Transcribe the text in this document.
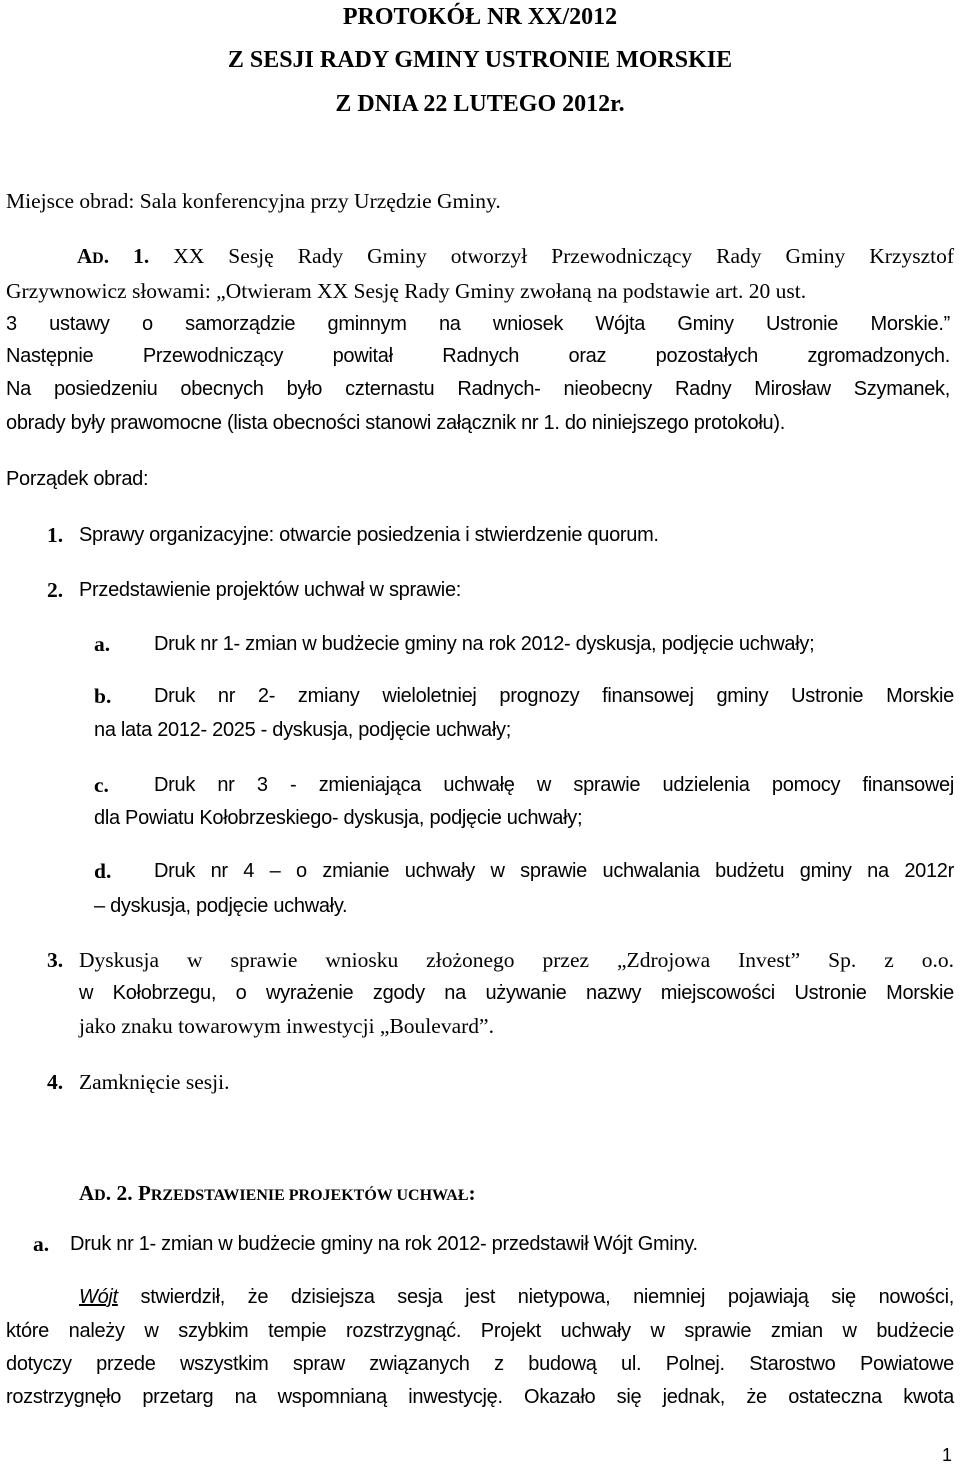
PROTOKÓŁ NR XX/2012
Z SESJI RADY GMINY USTRONIE MORSKIE
Z DNIA 22 LUTEGO 2012r.
Miejsce obrad: Sala konferencyjna przy Urzędzie Gminy.
AD. 1. XX Sesję Rady Gminy otworzył Przewodniczący Rady Gminy Krzysztof
Grzywnowicz słowami: „Otwieram XX Sesję Rady Gminy zwołaną na podstawie art. 20 ust.
3 ustawy o samorządzie gminnym na wniosek Wójta Gminy Ustronie Morskie.”
Następnie Przewodniczący powitał Radnych oraz pozostałych zgromadzonych.
Na posiedzeniu obecnych było czternastu Radnych- nieobecny Radny Mirosław Szymanek,
obrady były prawomocne (lista obecności stanowi załącznik nr 1. do niniejszego protokołu).
Porządek obrad:
1. Sprawy organizacyjne: otwarcie posiedzenia i stwierdzenie quorum.
2. Przedstawienie projektów uchwał w sprawie:
a. Druk nr 1- zmian w budżecie gminy na rok 2012- dyskusja, podjęcie uchwały;
b. Druk nr 2- zmiany wieloletniej prognozy finansowej gminy Ustronie Morskie
na lata 2012- 2025 - dyskusja, podjęcie uchwały;
c. Druk nr 3 - zmieniająca uchwałę w sprawie udzielenia pomocy finansowej
dla Powiatu Kołobrzeskiego- dyskusja, podjęcie uchwały;
d. Druk nr 4 – o zmianie uchwały w sprawie uchwalania budżetu gminy na 2012r
– dyskusja, podjęcie uchwały.
3. Dyskusja w sprawie wniosku złożonego przez „Zdrojowa Invest” Sp. z o.o.
w Kołobrzegu, o wyrażenie zgody na używanie nazwy miejscowości Ustronie Morskie
jako znaku towarowym inwestycji „Boulevard”.
4. Zamknięcie sesji.
AD. 2. PRZEDSTAWIENIE PROJEKTÓW UCHWAŁ:
a. Druk nr 1- zmian w budżecie gminy na rok 2012- przedstawił Wójt Gminy.
Wójt stwierdził, że dzisiejsza sesja jest nietypowa, niemniej pojawiają się nowości,
które należy w szybkim tempie rozstrzygnąć. Projekt uchwały w sprawie zmian w budżecie
dotyczy przede wszystkim spraw związanych z budową ul. Polnej. Starostwo Powiatowe
rozstrzygnęło przetarg na wspomnianą inwestycję. Okazało się jednak, że ostateczna kwota
1
